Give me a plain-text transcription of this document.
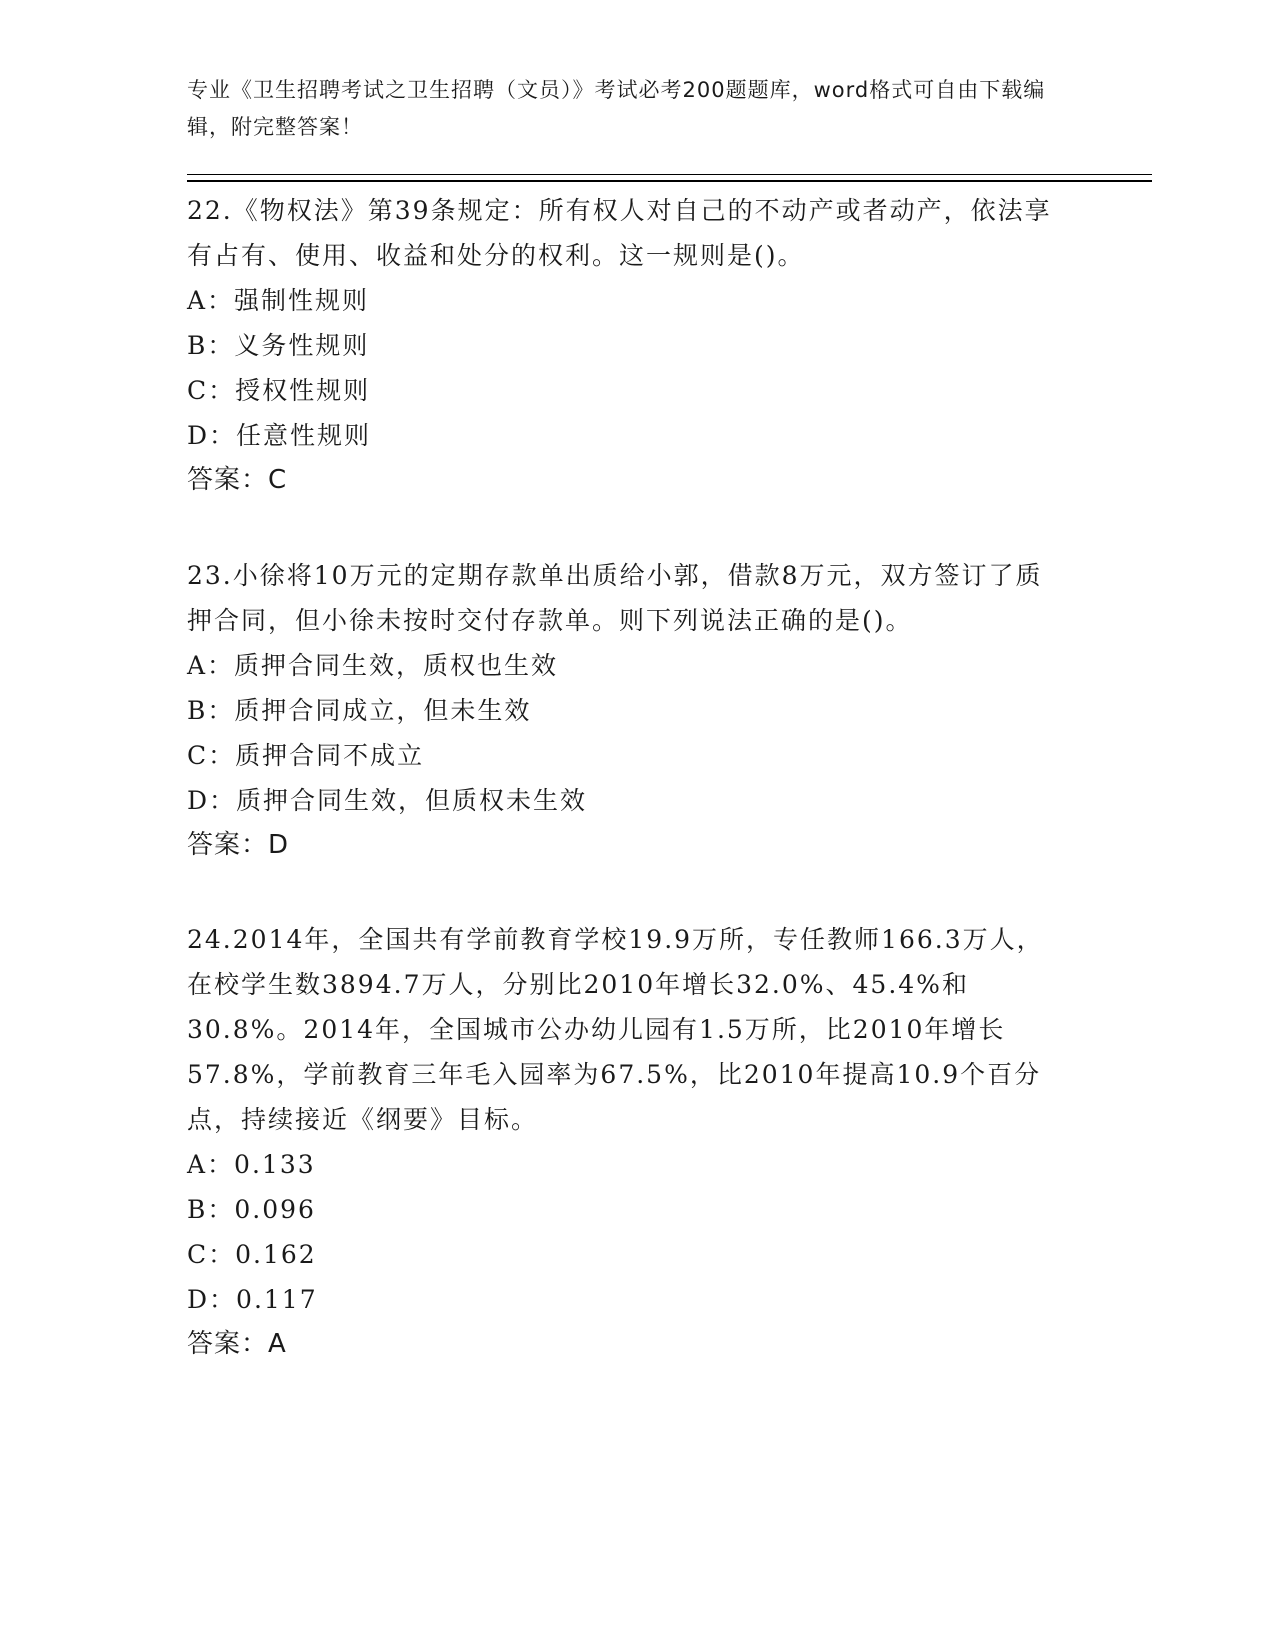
专业《卫生招聘考试之卫生招聘（文员）》考试必考200题题库，word格式可自由下载编辑，附完整答案！

22.《物权法》第39条规定：所有权人对自己的不动产或者动产，依法享有占有、使用、收益和处分的权利。这一规则是()。

A：强制性规则

B：义务性规则

C：授权性规则

D：任意性规则

答案：C

23.小徐将10万元的定期存款单出质给小郭，借款8万元，双方签订了质押合同，但小徐未按时交付存款单。则下列说法正确的是()。

A：质押合同生效，质权也生效

B：质押合同成立，但未生效

C：质押合同不成立

D：质押合同生效，但质权未生效

答案：D

24.2014年，全国共有学前教育学校19.9万所，专任教师166.3万人，在校学生数3894.7万人，分别比2010年增长32.0%、45.4%和30.8%。2014年，全国城市公办幼儿园有1.5万所，比2010年增长57.8%，学前教育三年毛入园率为67.5%，比2010年提高10.9个百分点，持续接近《纲要》目标。

A：0.133

B：0.096

C：0.162

D：0.117

答案：A
